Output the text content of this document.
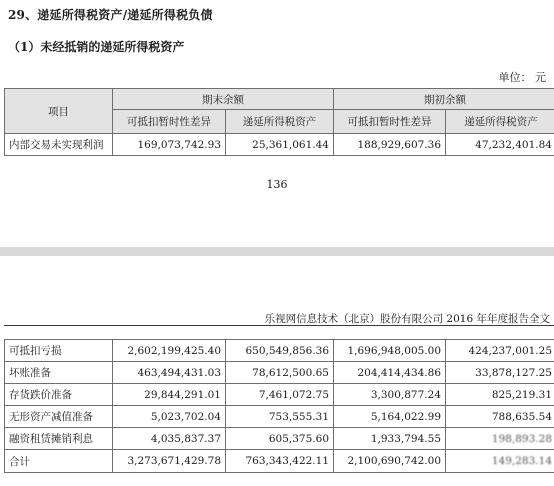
29、递延所得税资产/递延所得税负债
（1）未经抵销的递延所得税资产
单位： 元
项目	期末余额		期初余额	
	可抵扣暂时性差异	递延所得税资产	可抵扣暂时性差异	递延所得税资产
内部交易未实现利润	169,073,742.93	25,361,061.44	188,929,607.36	47,232,401.84
136
乐视网信息技术（北京）股份有限公司 2016 年年度报告全文
可抵扣亏损	2,602,199,425.40	650,549,856.36	1,696,948,005.00	424,237,001.25
坏账准备	463,494,431.03	78,612,500.65	204,414,434.86	33,878,127.25
存货跌价准备	29,844,291.01	7,461,072.75	3,300,877.24	825,219.31
无形资产减值准备	5,023,702.04	753,555.31	5,164,022.99	788,635.54
融资租赁摊销利息	4,035,837.37	605,375.60	1,933,794.55	198,893.28
合计	3,273,671,429.78	763,343,422.11	2,100,690,742.00	149,283.14
